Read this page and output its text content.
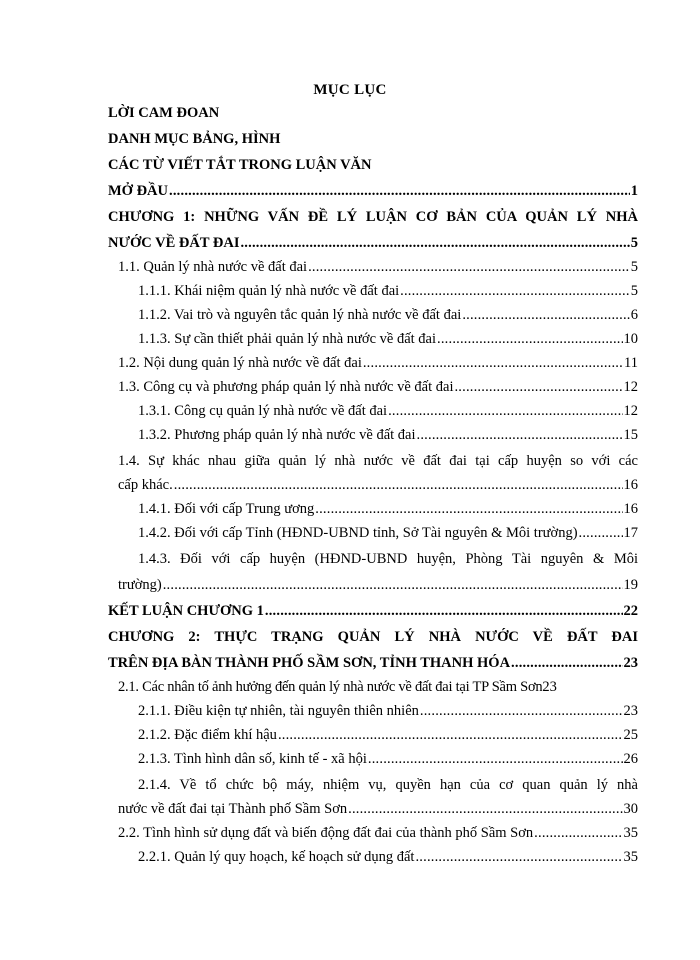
MỤC LỤC
LỜI CAM ĐOAN
DANH MỤC BẢNG, HÌNH
CÁC TỪ VIẾT TẮT TRONG LUẬN VĂN
MỞ ĐẦU .....	1
CHƯƠNG 1: NHỮNG VẤN ĐỀ LÝ LUẬN CƠ BẢN CỦA QUẢN LÝ NHÀ
NƯỚC VỀ ĐẤT ĐAI .....	5
1.1. Quản lý nhà nước về đất đai .....	5
1.1.1. Khái niệm quản lý nhà nước về đất đai .....	5
1.1.2. Vai trò và nguyên tắc quản lý nhà nước về đất đai .....	6
1.1.3. Sự cần thiết phải quản lý nhà nước về đất đai .....	10
1.2. Nội dung quản lý nhà nước về đất đai .....	11
1.3. Công cụ và phương pháp quản lý nhà nước về đất đai .....	12
1.3.1. Công cụ quản lý nhà nước về đất đai .....	12
1.3.2. Phương pháp quản lý nhà nước về đất đai .....	15
1.4. Sự khác nhau giữa quản lý nhà nước về đất đai tại cấp huyện so với các
cấp khác. .....	16
1.4.1. Đối với cấp Trung ương .....	16
1.4.2. Đối với cấp Tỉnh (HĐND-UBND tỉnh, Sở Tài nguyên & Môi trường) .....	17
1.4.3. Đối với cấp huyện (HĐND-UBND huyện, Phòng Tài nguyên & Môi
trường) .....	19
KẾT LUẬN CHƯƠNG 1 .....	22
CHƯƠNG 2: THỰC TRẠNG QUẢN LÝ NHÀ NƯỚC VỀ ĐẤT ĐAI
TRÊN ĐỊA BÀN THÀNH PHỐ SẦM SƠN, TỈNH THANH HÓA .....	23
2.1. Các nhân tố ảnh hưởng đến quản lý nhà nước về đất đai tại TP Sầm Sơn 23
2.1.1. Điều kiện tự nhiên, tài nguyên thiên nhiên .....	23
2.1.2. Đặc điểm khí hậu .....	25
2.1.3. Tình hình dân số, kinh tế - xã hội .....	26
2.1.4. Về tổ chức bộ máy, nhiệm vụ, quyền hạn của cơ quan quản lý nhà
nước về đất đai tại Thành phố Sầm Sơn .....	30
2.2. Tình hình sử dụng đất và biến động đất đai của thành phố Sầm Sơn .....	35
2.2.1. Quản lý quy hoạch, kế hoạch sử dụng đất .....	35
